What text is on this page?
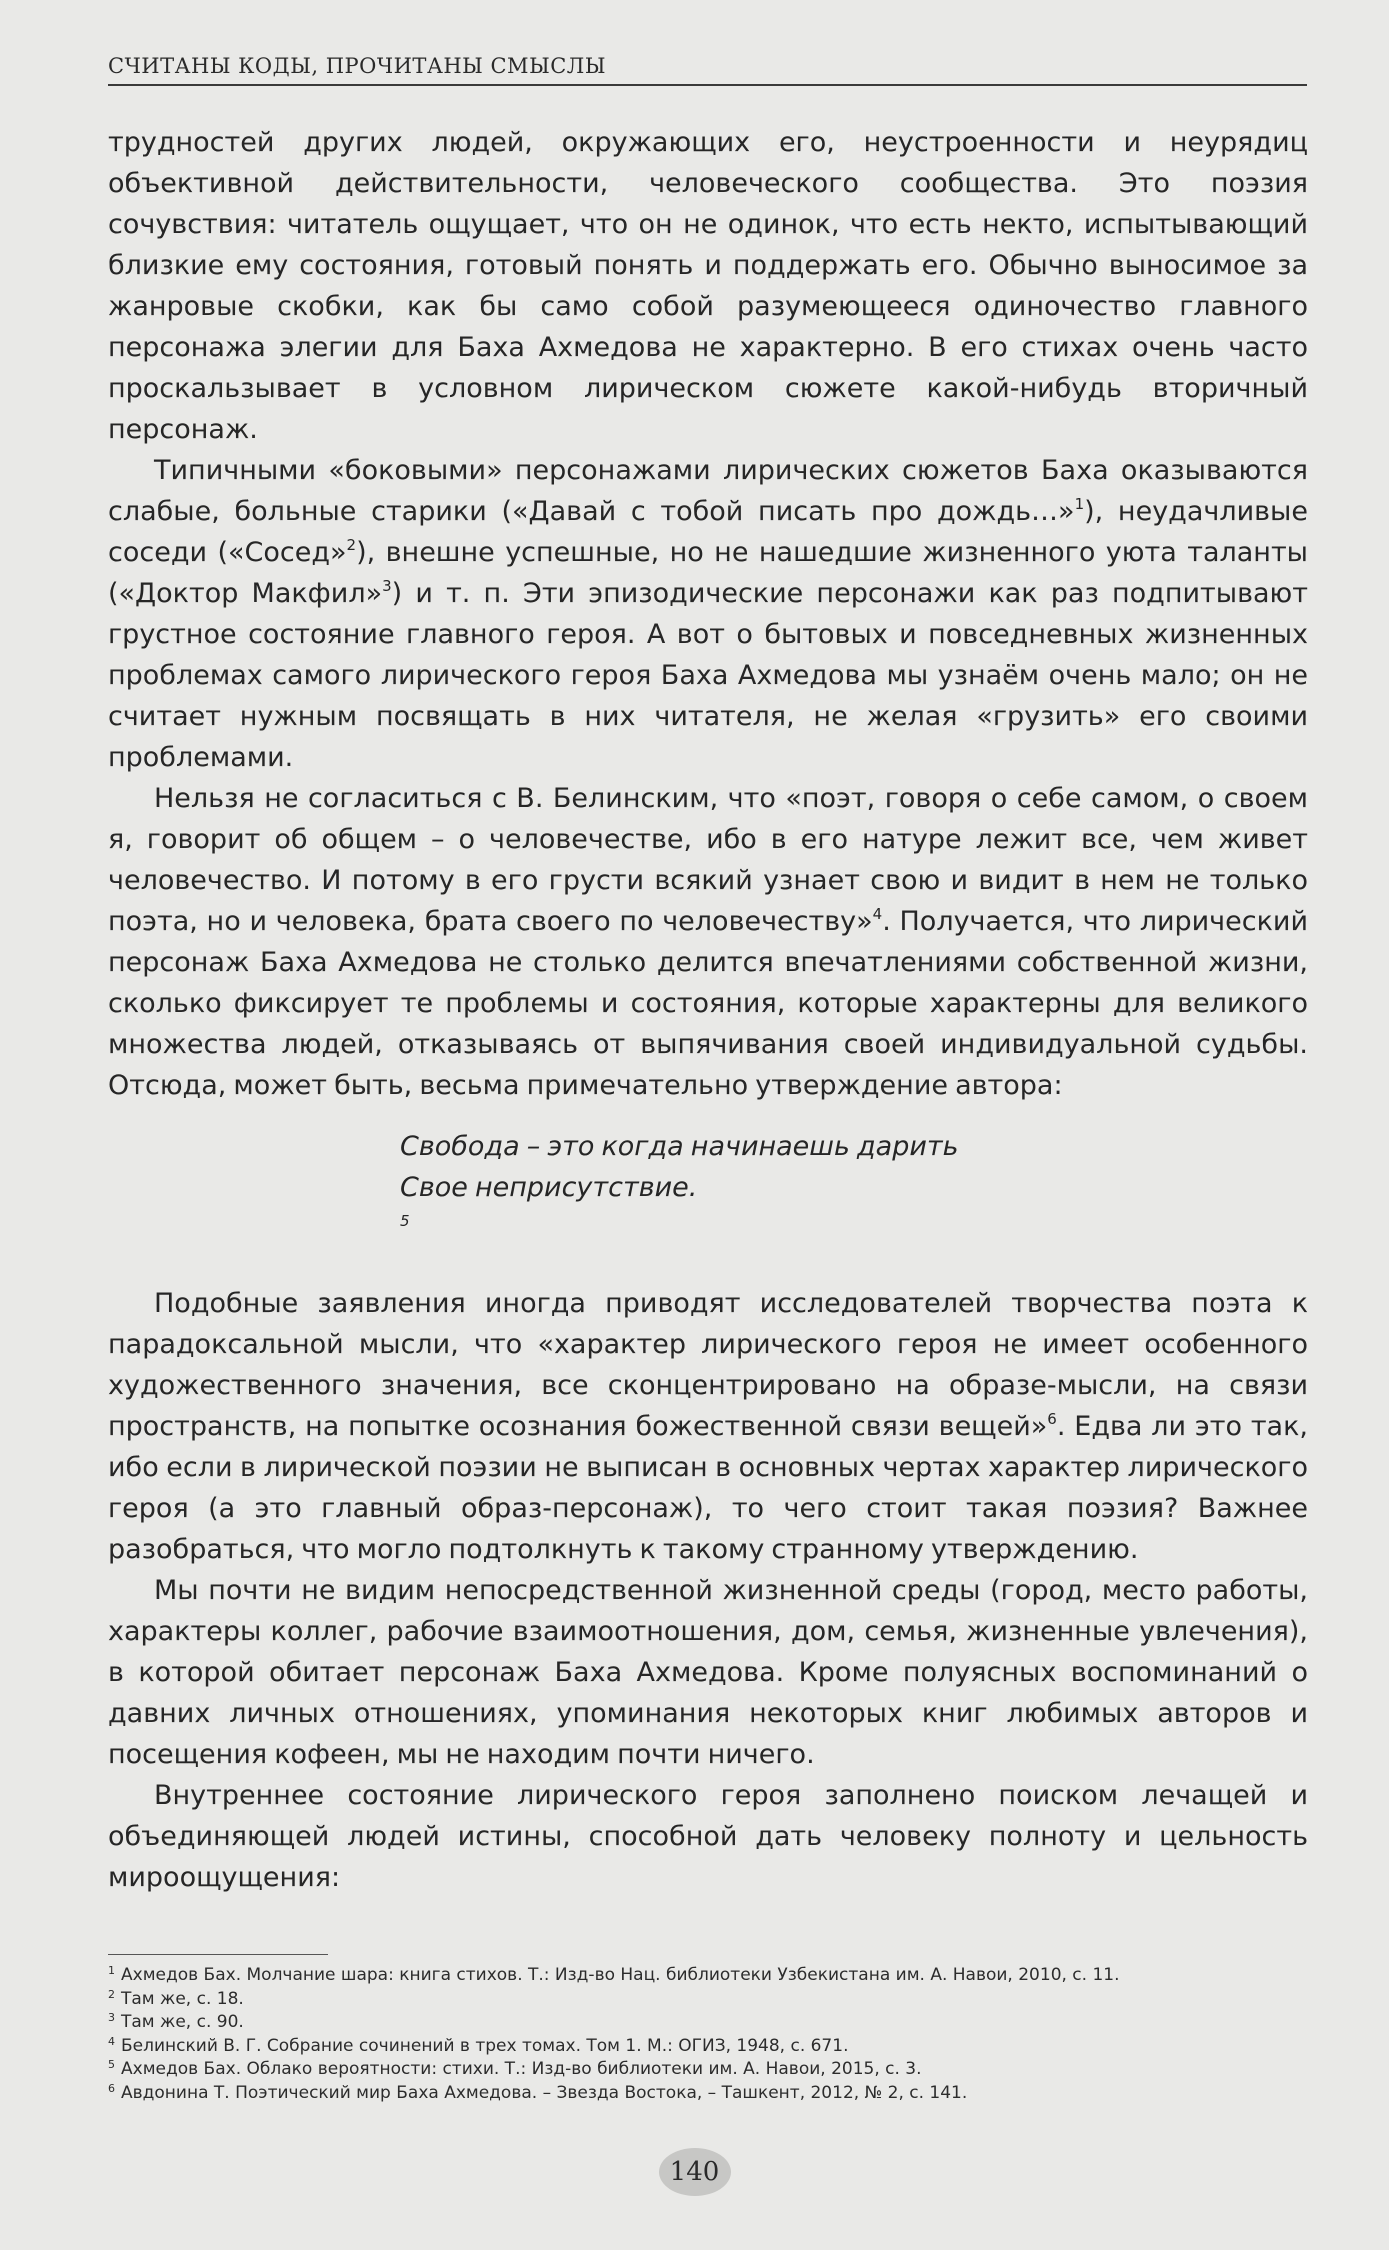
СЧИТАНЫ КОДЫ, ПРОЧИТАНЫ СМЫСЛЫ

трудностей других людей, окружающих его, неустроенности и неурядиц объективной действительности, человеческого сообщества. Это поэзия сочувствия: читатель ощущает, что он не одинок, что есть некто, испытывающий близкие ему состояния, готовый понять и поддержать его. Обычно выносимое за жанровые скобки, как бы само собой разумеющееся одиночество главного персонажа элегии для Баха Ахмедова не характерно. В его стихах очень часто проскальзывает в условном лирическом сюжете какой-нибудь вторичный персонаж.

Типичными «боковыми» персонажами лирических сюжетов Баха оказываются слабые, больные старики («Давай с тобой писать про дождь…»$^1$), неудачливые соседи («Сосед»$^2$), внешне успешные, но не нашедшие жизненного уюта таланты («Доктор Макфил»$^3$) и т. п. Эти эпизодические персонажи как раз подпитывают грустное состояние главного героя. А вот о бытовых и повседневных жизненных проблемах самого лирического героя Баха Ахмедова мы узнаём очень мало; он не считает нужным посвящать в них читателя, не желая «грузить» его своими проблемами.

Нельзя не согласиться с В. Белинским, что «поэт, говоря о себе самом, о своем я, говорит об общем – о человечестве, ибо в его натуре лежит все, чем живет человечество. И потому в его грусти всякий узнает свою и видит в нем не только поэта, но и человека, брата своего по человечеству»$^4$. Получается, что лирический персонаж Баха Ахмедова не столько делится впечатлениями собственной жизни, сколько фиксирует те проблемы и состояния, которые характерны для великого множества людей, отказываясь от выпячивания своей индивидуальной судьбы. Отсюда, может быть, весьма примечательно утверждение автора:

Свобода – это когда начинаешь дарить
Свое неприсутствие.
$^5$

Подобные заявления иногда приводят исследователей творчества поэта к парадоксальной мысли, что «характер лирического героя не имеет особенного художественного значения, все сконцентрировано на образе-мысли, на связи пространств, на попытке осознания божественной связи вещей»$^6$. Едва ли это так, ибо если в лирической поэзии не выписан в основных чертах характер лирического героя (а это главный образ-персонаж), то чего стоит такая поэзия? Важнее разобраться, что могло подтолкнуть к такому странному утверждению.

Мы почти не видим непосредственной жизненной среды (город, место работы, характеры коллег, рабочие взаимоотношения, дом, семья, жизненные увлечения), в которой обитает персонаж Баха Ахмедова. Кроме полуясных воспоминаний о давних личных отношениях, упоминания некоторых книг любимых авторов и посещения кофеен, мы не находим почти ничего.

Внутреннее состояние лирического героя заполнено поиском лечащей и объединяющей людей истины, способной дать человеку полноту и цельность мироощущения:

$^1$ Ахмедов Бах. Молчание шара: книга стихов. Т.: Изд-во Нац. библиотеки Узбекистана им. А. Навои, 2010, с. 11.
$^2$ Там же, с. 18.
$^3$ Там же, с. 90.
$^4$ Белинский В. Г. Собрание сочинений в трех томах. Том 1. М.: ОГИЗ, 1948, с. 671.
$^5$ Ахмедов Бах. Облако вероятности: стихи. Т.: Изд-во библиотеки им. А. Навои, 2015, с. 3.
$^6$ Авдонина Т. Поэтический мир Баха Ахмедова. – Звезда Востока, – Ташкент, 2012, № 2, с. 141.
140
